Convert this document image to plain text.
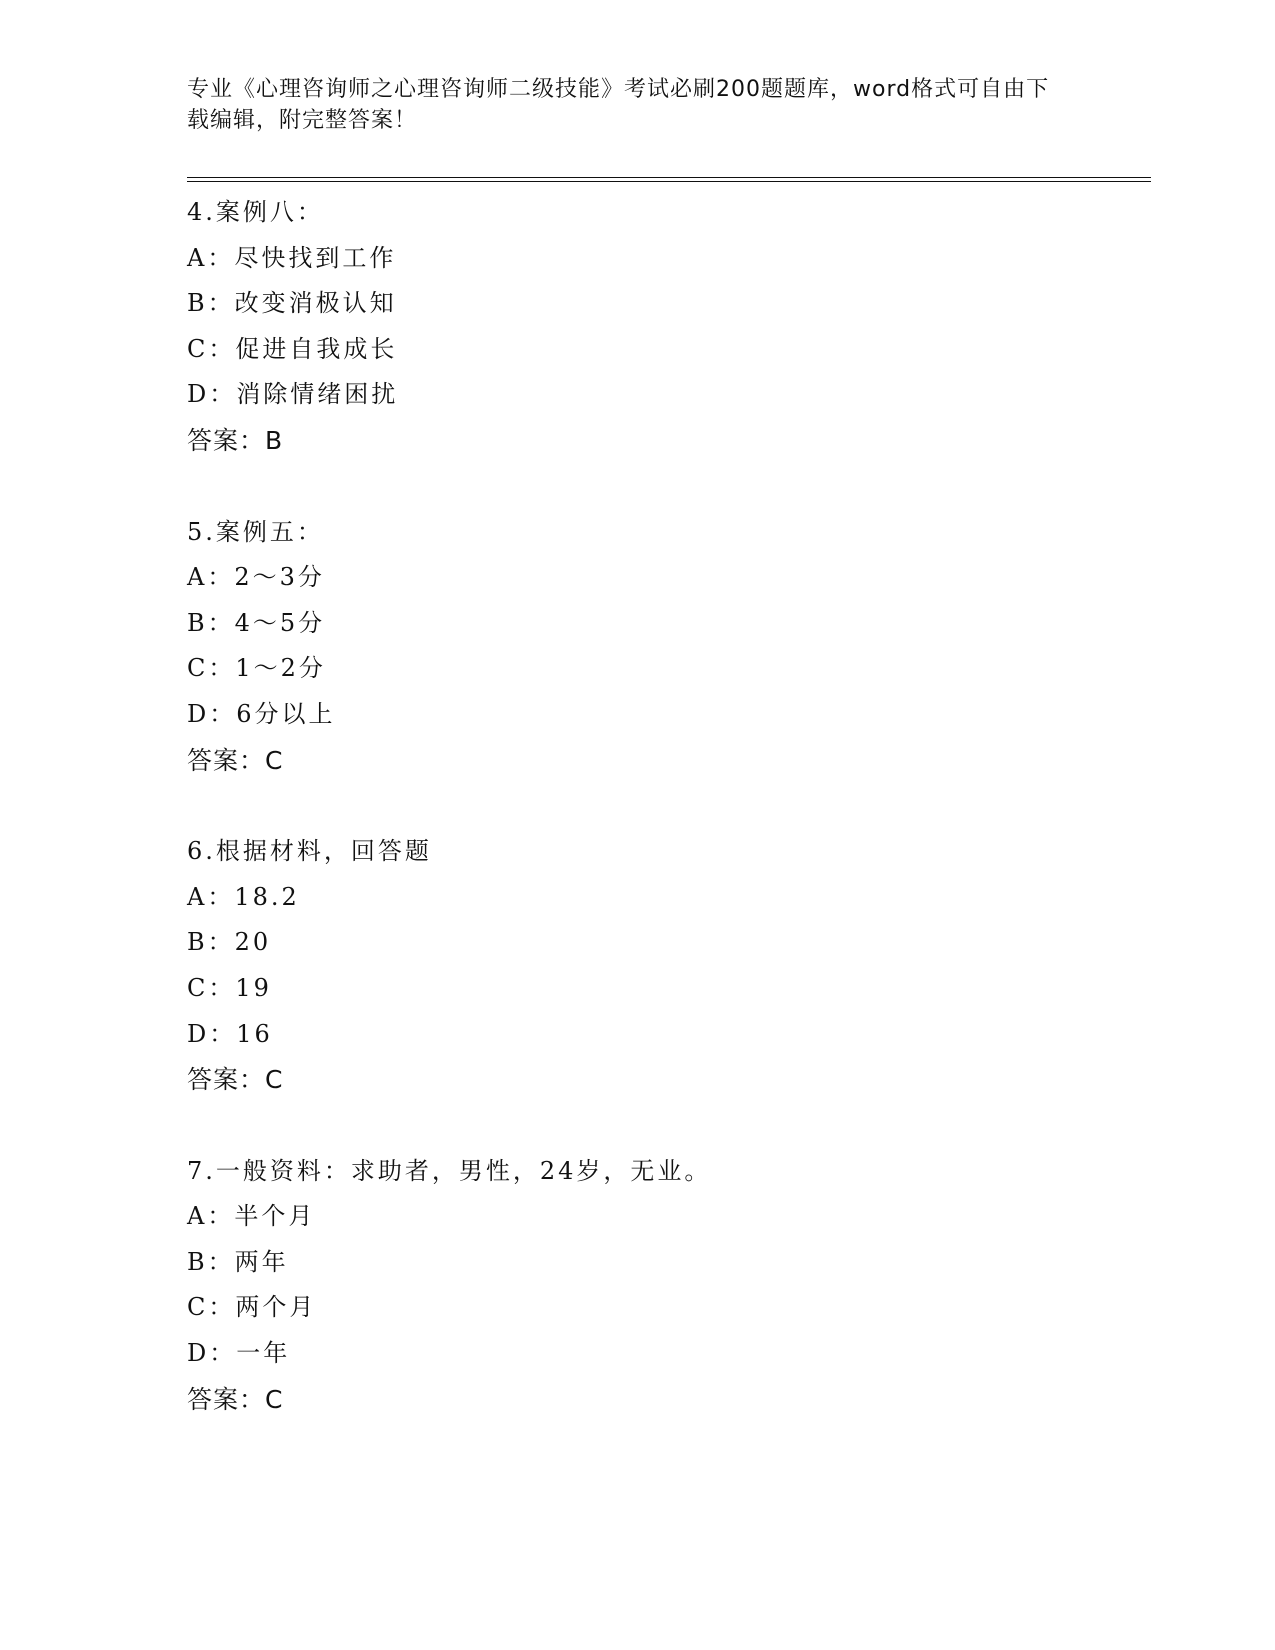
专业《心理咨询师之心理咨询师二级技能》考试必刷200题题库，word格式可自由下载编辑，附完整答案！
4.案例八：
A：尽快找到工作
B：改变消极认知
C：促进自我成长
D：消除情绪困扰
答案：B
5.案例五：
A：2～3分
B：4～5分
C：1～2分
D：6分以上
答案：C
6.根据材料，回答题
A：18.2
B：20
C：19
D：16
答案：C
7.一般资料：求助者，男性，24岁，无业。
A：半个月
B：两年
C：两个月
D：一年
答案：C
